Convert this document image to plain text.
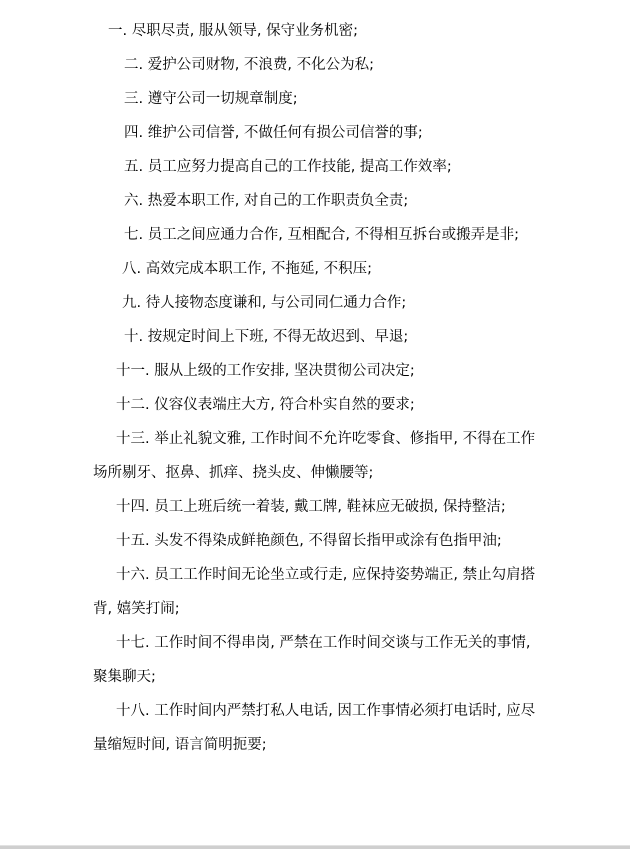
一. 尽职尽责, 服从领导, 保守业务机密;

二. 爱护公司财物, 不浪费, 不化公为私;

三. 遵守公司一切规章制度;

四. 维护公司信誉, 不做任何有损公司信誉的事;

五. 员工应努力提高自己的工作技能, 提高工作效率;

六. 热爱本职工作, 对自己的工作职责负全责;

七. 员工之间应通力合作, 互相配合, 不得相互拆台或搬弄是非;

八. 高效完成本职工作, 不拖延, 不积压;

九. 待人接物态度谦和, 与公司同仁通力合作;

十. 按规定时间上下班, 不得无故迟到、早退;

十一. 服从上级的工作安排, 坚决贯彻公司决定;

十二. 仪容仪表端庄大方, 符合朴实自然的要求;

十三. 举止礼貌文雅, 工作时间不允许吃零食、修指甲, 不得在工作场所剔牙、抠鼻、抓痒、挠头皮、伸懒腰等;

十四. 员工上班后统一着装, 戴工牌, 鞋袜应无破损, 保持整洁;

十五. 头发不得染成鲜艳颜色, 不得留长指甲或涂有色指甲油;

十六. 员工工作时间无论坐立或行走, 应保持姿势端正, 禁止勾肩搭背, 嬉笑打闹;

十七. 工作时间不得串岗, 严禁在工作时间交谈与工作无关的事情, 聚集聊天;

十八. 工作时间内严禁打私人电话, 因工作事情必须打电话时, 应尽量缩短时间, 语言简明扼要;
